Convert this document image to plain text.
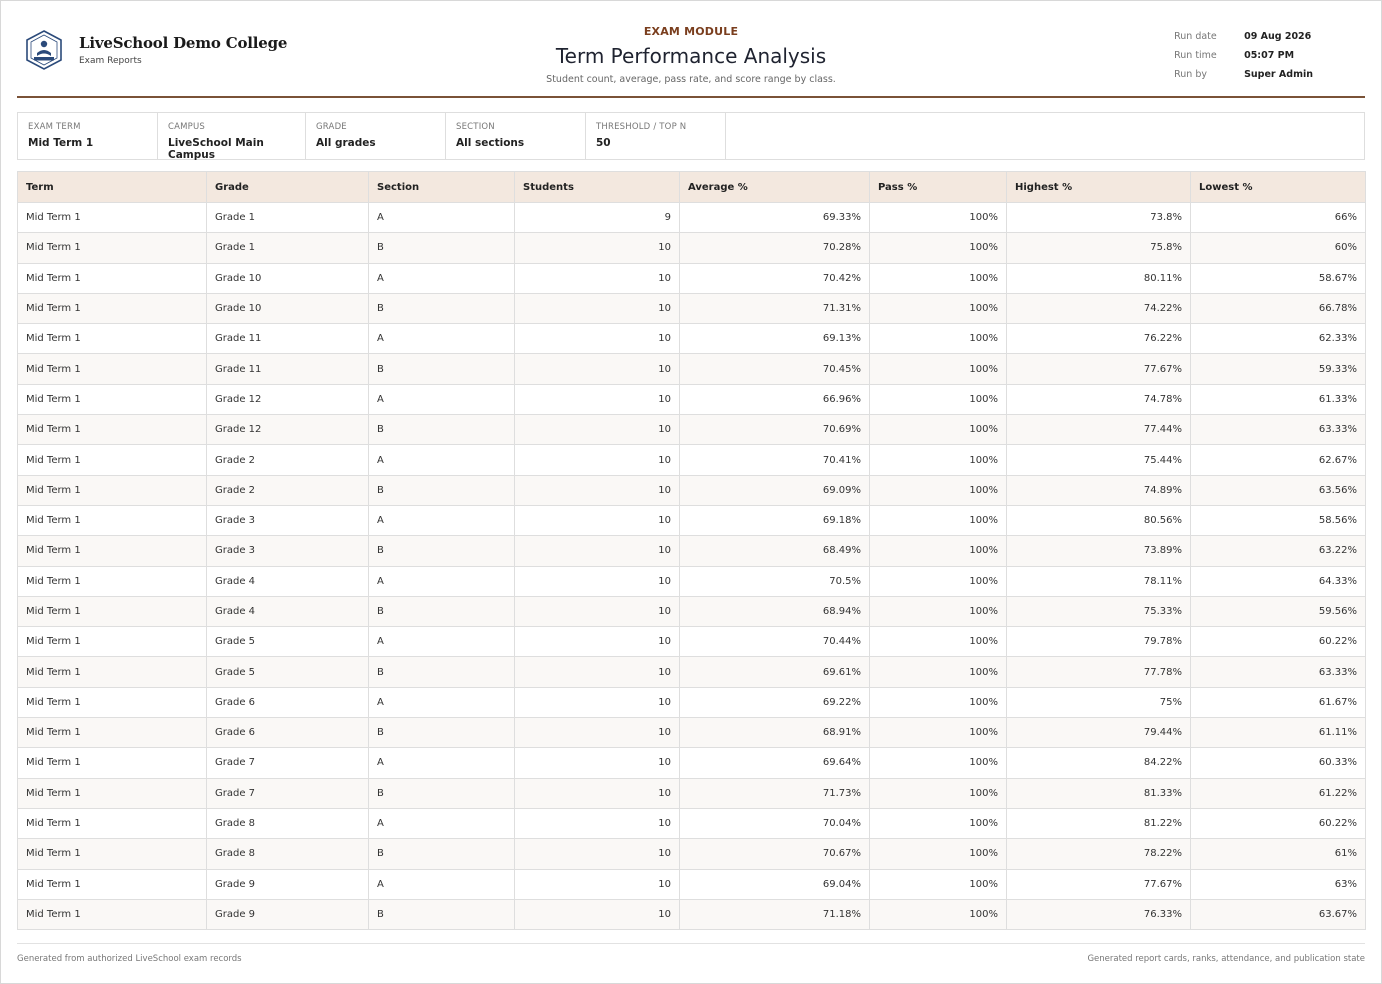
LiveSchool Demo College
Exam Reports
EXAM MODULE
Term Performance Analysis
Student count, average, pass rate, and score range by class.
Run date	09 Aug 2026
Run time	05:07 PM
Run by	Super Admin
EXAM TERM
Mid Term 1
CAMPUS
LiveSchool Main Campus
GRADE
All grades
SECTION
All sections
THRESHOLD / TOP N
50
Term	Grade	Section	Students	Average %	Pass %	Highest %	Lowest %
Mid Term 1	Grade 1	A	9	69.33%	100%	73.8%	66%
Mid Term 1	Grade 1	B	10	70.28%	100%	75.8%	60%
Mid Term 1	Grade 10	A	10	70.42%	100%	80.11%	58.67%
Mid Term 1	Grade 10	B	10	71.31%	100%	74.22%	66.78%
Mid Term 1	Grade 11	A	10	69.13%	100%	76.22%	62.33%
Mid Term 1	Grade 11	B	10	70.45%	100%	77.67%	59.33%
Mid Term 1	Grade 12	A	10	66.96%	100%	74.78%	61.33%
Mid Term 1	Grade 12	B	10	70.69%	100%	77.44%	63.33%
Mid Term 1	Grade 2	A	10	70.41%	100%	75.44%	62.67%
Mid Term 1	Grade 2	B	10	69.09%	100%	74.89%	63.56%
Mid Term 1	Grade 3	A	10	69.18%	100%	80.56%	58.56%
Mid Term 1	Grade 3	B	10	68.49%	100%	73.89%	63.22%
Mid Term 1	Grade 4	A	10	70.5%	100%	78.11%	64.33%
Mid Term 1	Grade 4	B	10	68.94%	100%	75.33%	59.56%
Mid Term 1	Grade 5	A	10	70.44%	100%	79.78%	60.22%
Mid Term 1	Grade 5	B	10	69.61%	100%	77.78%	63.33%
Mid Term 1	Grade 6	A	10	69.22%	100%	75%	61.67%
Mid Term 1	Grade 6	B	10	68.91%	100%	79.44%	61.11%
Mid Term 1	Grade 7	A	10	69.64%	100%	84.22%	60.33%
Mid Term 1	Grade 7	B	10	71.73%	100%	81.33%	61.22%
Mid Term 1	Grade 8	A	10	70.04%	100%	81.22%	60.22%
Mid Term 1	Grade 8	B	10	70.67%	100%	78.22%	61%
Mid Term 1	Grade 9	A	10	69.04%	100%	77.67%	63%
Mid Term 1	Grade 9	B	10	71.18%	100%	76.33%	63.67%
Generated from authorized LiveSchool exam records	Generated report cards, ranks, attendance, and publication state
